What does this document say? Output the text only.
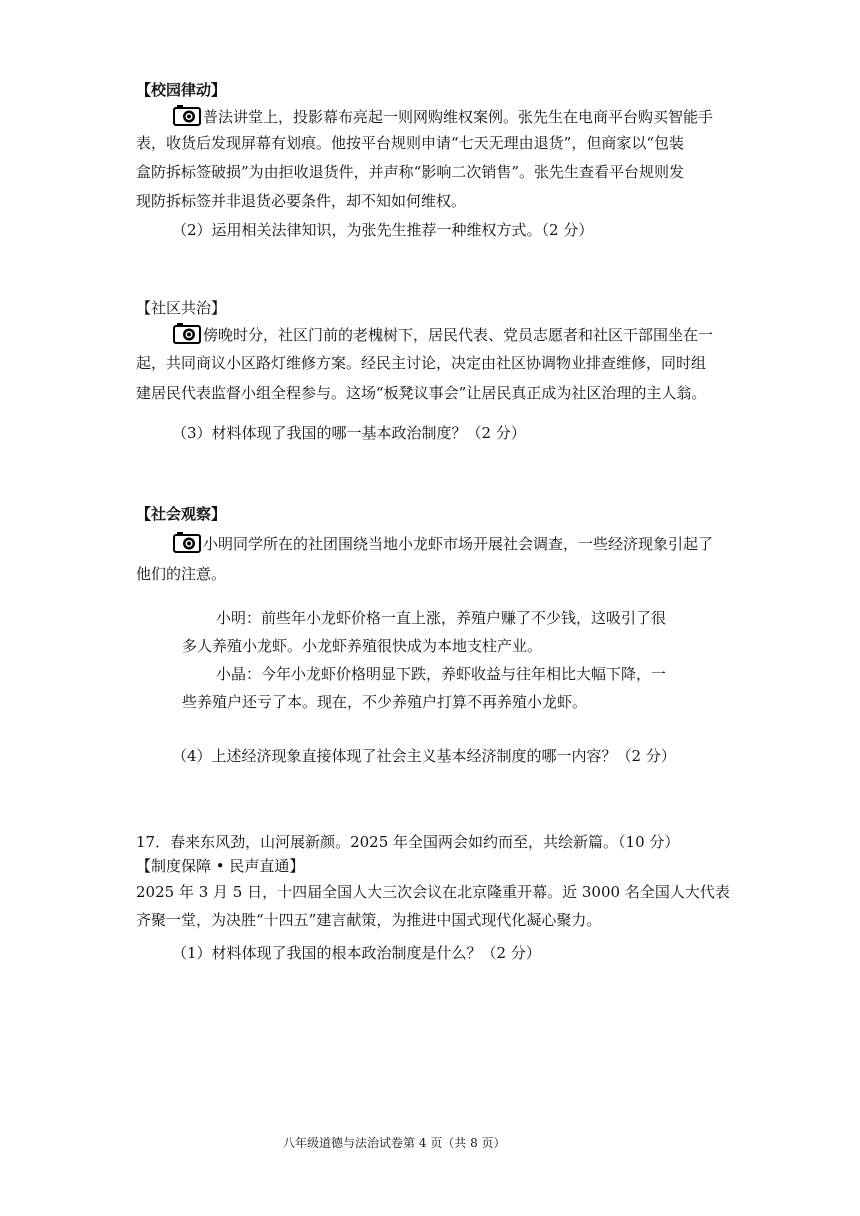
【校园律动】
普法讲堂上，投影幕布亮起一则网购维权案例。张先生在电商平台购买智能手
表，收货后发现屏幕有划痕。他按平台规则申请“七天无理由退货”，但商家以“包装
盒防拆标签破损”为由拒收退货件，并声称“影响二次销售”。张先生查看平台规则发
现防拆标签并非退货必要条件，却不知如何维权。
（2）运用相关法律知识，为张先生推荐一种维权方式。（2 分）
【社区共治】
傍晚时分，社区门前的老槐树下，居民代表、党员志愿者和社区干部围坐在一
起，共同商议小区路灯维修方案。经民主讨论，决定由社区协调物业排查维修，同时组
建居民代表监督小组全程参与。这场“板凳议事会”让居民真正成为社区治理的主人翁。
（3）材料体现了我国的哪一基本政治制度？（2 分）
【社会观察】
小明同学所在的社团围绕当地小龙虾市场开展社会调查，一些经济现象引起了
他们的注意。
小明：前些年小龙虾价格一直上涨，养殖户赚了不少钱，这吸引了很
多人养殖小龙虾。小龙虾养殖很快成为本地支柱产业。
小晶：今年小龙虾价格明显下跌，养虾收益与往年相比大幅下降，一
些养殖户还亏了本。现在，不少养殖户打算不再养殖小龙虾。
（4）上述经济现象直接体现了社会主义基本经济制度的哪一内容？（2 分）
17．春来东风劲，山河展新颜。2025 年全国两会如约而至，共绘新篇。（10 分）
【制度保障 • 民声直通】
2025 年 3 月 5 日，十四届全国人大三次会议在北京隆重开幕。近 3000 名全国人大代表
齐聚一堂，为决胜“十四五”建言献策，为推进中国式现代化凝心聚力。
（1）材料体现了我国的根本政治制度是什么？（2 分）
八年级道德与法治试卷第 4 页（共 8 页）
